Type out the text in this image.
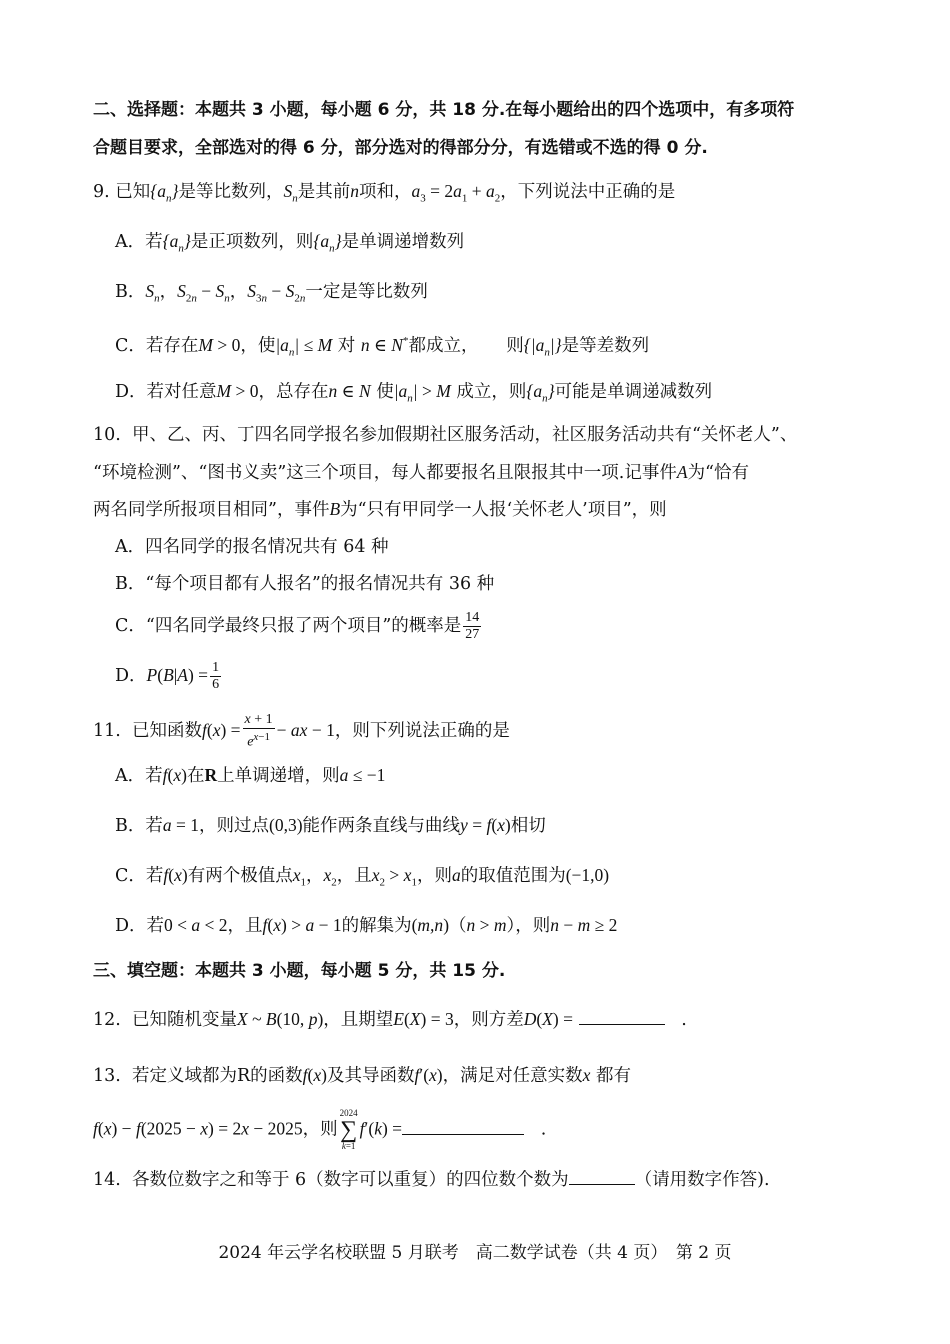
二、选择题：本题共 3 小题，每小题 6 分，共 18 分.在每小题给出的四个选项中，有多项符
合题目要求，全部选对的得 6 分，部分选对的得部分分，有选错或不选的得 0 分.
9. 已知$\{a_n\}$是等比数列，$S_n$是其前n项和，$a_3 = 2a_1 + a_2$，下列说法中正确的是
A．若$\{a_n\}$是正项数列，则$\{a_n\}$是单调递增数列
B．$S_n$，$S_{2n} - S_n$，$S_{3n} - S_{2n}$一定是等比数列
C．若存在M > 0，使$|a_n| \le M$ 对 n ∈ N*都成立， 则$\{|a_n|\}$是等差数列
D．若对任意M > 0，总存在n ∈ N 使$|a_n| > M$ 成立，则$\{a_n\}$可能是单调递减数列
10. 甲、乙、丙、丁四名同学报名参加假期社区服务活动，社区服务活动共有“关怀老人”、
“环境检测”、“图书义卖”这三个项目，每人都要报名且限报其中一项.记事件A为“恰有
两名同学所报项目相同”，事件B为“只有甲同学一人报‘关怀老人’项目”，则
A．四名同学的报名情况共有 64 种
B．“每个项目都有人报名”的报名情况共有 36 种
C．“四名同学最终只报了两个项目”的概率是 $\frac{14}{27}$
D．$P(B|A) = \frac{1}{6}$
11. 已知函数$f(x) = \frac{x + 1}{e^{x-1}}$ − ax − 1，则下列说法正确的是
A．若f(x)在R上单调递增，则a ≤ −1
B．若a = 1，则过点(0,3)能作两条直线与曲线y = f(x)相切
C．若f(x)有两个极值点$x_1$，$x_2$，且$x_2 > x_1$，则a的取值范围为(−1,0)
D．若0 < a < 2，且f(x) > a − 1的解集为(m,n)（n > m），则n − m ≥ 2
三、填空题：本题共 3 小题，每小题 5 分，共 15 分.
12. 已知随机变量X ~ B(10, p)，且期望E(X) = 3，则方差D(X) =	.
13. 若定义域都为R的函数f(x)及其导函数f′(x)，满足对任意实数x 都有
f(x) − f(2025 − x) = 2x − 2025，则
2024
∑
k=1
f′(k) =	.
14. 各数位数字之和等于 6（数字可以重复）的四位数个数为	（请用数字作答).
2024 年云学名校联盟 5 月联考　高二数学试卷（共 4 页）　第 2 页
